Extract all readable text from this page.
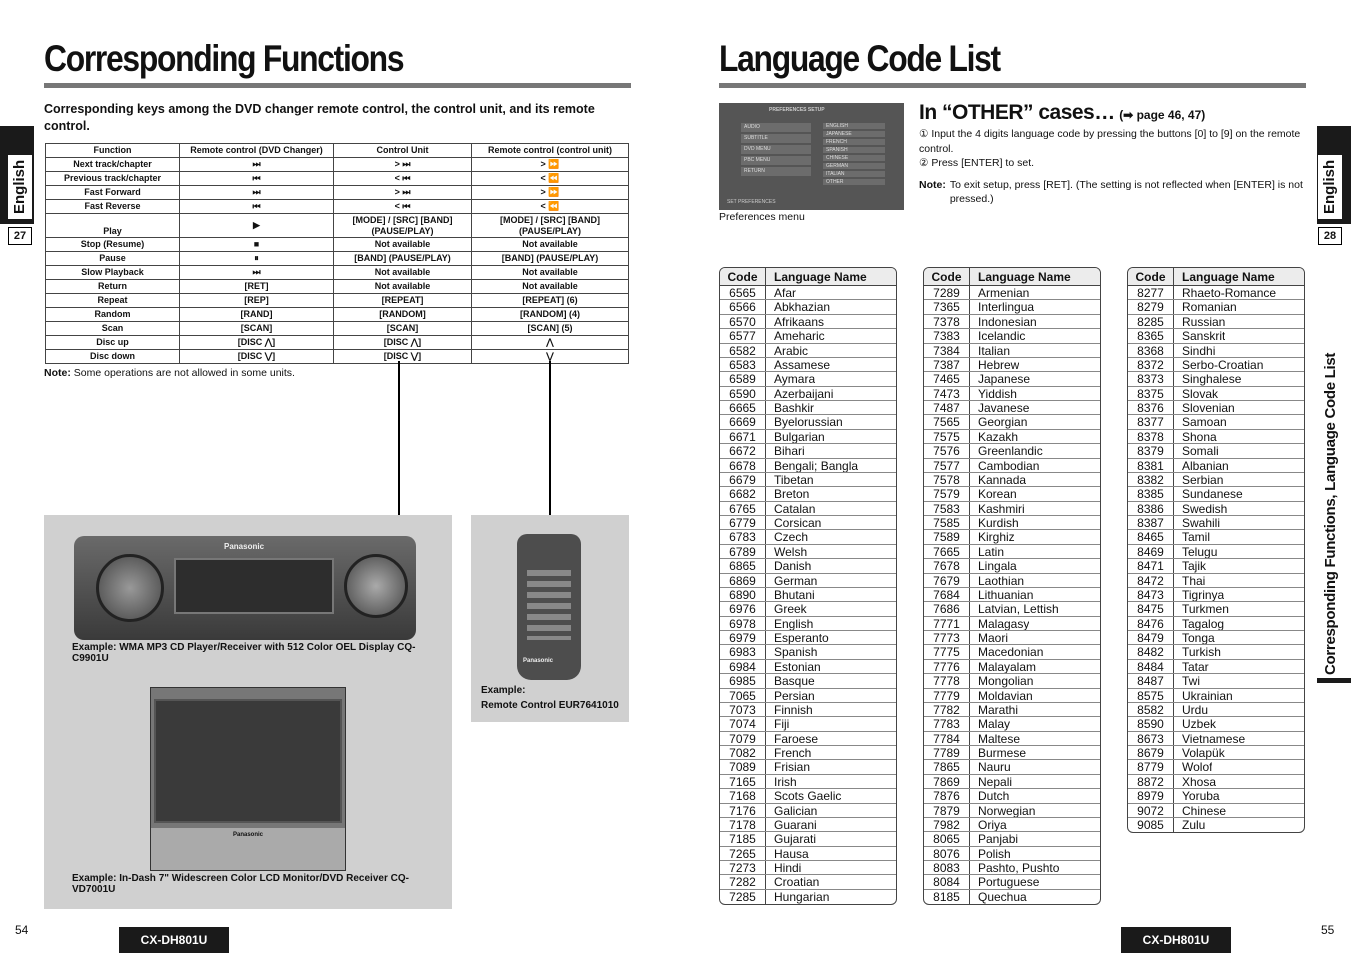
Corresponding Functions
Corresponding keys among the DVD changer remote control, the control unit, and its remote control.
English
27
Function	Remote control (DVD Changer)	Control Unit	Remote control (control unit)
Next track/chapter	⏭	> ⏭	> ⏩
Previous track/chapter	⏮	< ⏮	< ⏪
Fast Forward	⏭	> ⏭	> ⏩
Fast Reverse	⏮	< ⏮	< ⏪
Play	▶	[MODE] / [SRC] [BAND] (PAUSE/PLAY)	[MODE] / [SRC] [BAND] (PAUSE/PLAY)
Stop (Resume)	■	Not available	Not available
Pause	⏸	[BAND] (PAUSE/PLAY)	[BAND] (PAUSE/PLAY)
Slow Playback	⏭	Not available	Not available
Return	[RET]	Not available	Not available
Repeat	[REP]	[REPEAT]	[REPEAT] (6)
Random	[RAND]	[RANDOM]	[RANDOM] (4)
Scan	[SCAN]	[SCAN]	[SCAN] (5)
Disc up	[DISC ⋀]	[DISC ⋀]	⋀
Disc down	[DISC ⋁]	[DISC ⋁]	⋁
Note: Some operations are not allowed in some units.
Panasonic
Example: WMA MP3 CD Player/Receiver with 512 Color OEL Display CQ-C9901U
Panasonic
Example: In-Dash 7" Widescreen Color LCD Monitor/DVD Receiver CQ-VD7001U
Panasonic
Example:
Remote Control EUR7641010
54
CX-DH801U
Language Code List
PREFERENCES SETUP
AUDIO
SUBTITLE
DVD MENU
PBC MENU
RETURN
ENGLISH
JAPANESE
FRENCH
SPANISH
CHINESE
GERMAN
ITALIAN
OTHER
SET PREFERENCES
Preferences menu
In “OTHER” cases… (➡ page 46, 47)
① Input the 4 digits language code by pressing the buttons [0] to [9] on the remote control.
② Press [ENTER] to set.
Note: To exit setup, press [RET]. (The setting is not reflected when [ENTER] is not pressed.)
Code	Language Name
6565	Afar
6566	Abkhazian
6570	Afrikaans
6577	Ameharic
6582	Arabic
6583	Assamese
6589	Aymara
6590	Azerbaijani
6665	Bashkir
6669	Byelorussian
6671	Bulgarian
6672	Bihari
6678	Bengali; Bangla
6679	Tibetan
6682	Breton
6765	Catalan
6779	Corsican
6783	Czech
6789	Welsh
6865	Danish
6869	German
6890	Bhutani
6976	Greek
6978	English
6979	Esperanto
6983	Spanish
6984	Estonian
6985	Basque
7065	Persian
7073	Finnish
7074	Fiji
7079	Faroese
7082	French
7089	Frisian
7165	Irish
7168	Scots Gaelic
7176	Galician
7178	Guarani
7185	Gujarati
7265	Hausa
7273	Hindi
7282	Croatian
7285	Hungarian
Code	Language Name
7289	Armenian
7365	Interlingua
7378	Indonesian
7383	Icelandic
7384	Italian
7387	Hebrew
7465	Japanese
7473	Yiddish
7487	Javanese
7565	Georgian
7575	Kazakh
7576	Greenlandic
7577	Cambodian
7578	Kannada
7579	Korean
7583	Kashmiri
7585	Kurdish
7589	Kirghiz
7665	Latin
7678	Lingala
7679	Laothian
7684	Lithuanian
7686	Latvian, Lettish
7771	Malagasy
7773	Maori
7775	Macedonian
7776	Malayalam
7778	Mongolian
7779	Moldavian
7782	Marathi
7783	Malay
7784	Maltese
7789	Burmese
7865	Nauru
7869	Nepali
7876	Dutch
7879	Norwegian
7982	Oriya
8065	Panjabi
8076	Polish
8083	Pashto, Pushto
8084	Portuguese
8185	Quechua
Code	Language Name
8277	Rhaeto-Romance
8279	Romanian
8285	Russian
8365	Sanskrit
8368	Sindhi
8372	Serbo-Croatian
8373	Singhalese
8375	Slovak
8376	Slovenian
8377	Samoan
8378	Shona
8379	Somali
8381	Albanian
8382	Serbian
8385	Sundanese
8386	Swedish
8387	Swahili
8465	Tamil
8469	Telugu
8471	Tajik
8472	Thai
8473	Tigrinya
8475	Turkmen
8476	Tagalog
8479	Tonga
8482	Turkish
8484	Tatar
8487	Twi
8575	Ukrainian
8582	Urdu
8590	Uzbek
8673	Vietnamese
8679	Volapük
8779	Wolof
8872	Xhosa
8979	Yoruba
9072	Chinese
9085	Zulu
English
28
Corresponding Functions, Language Code List
55
CX-DH801U
